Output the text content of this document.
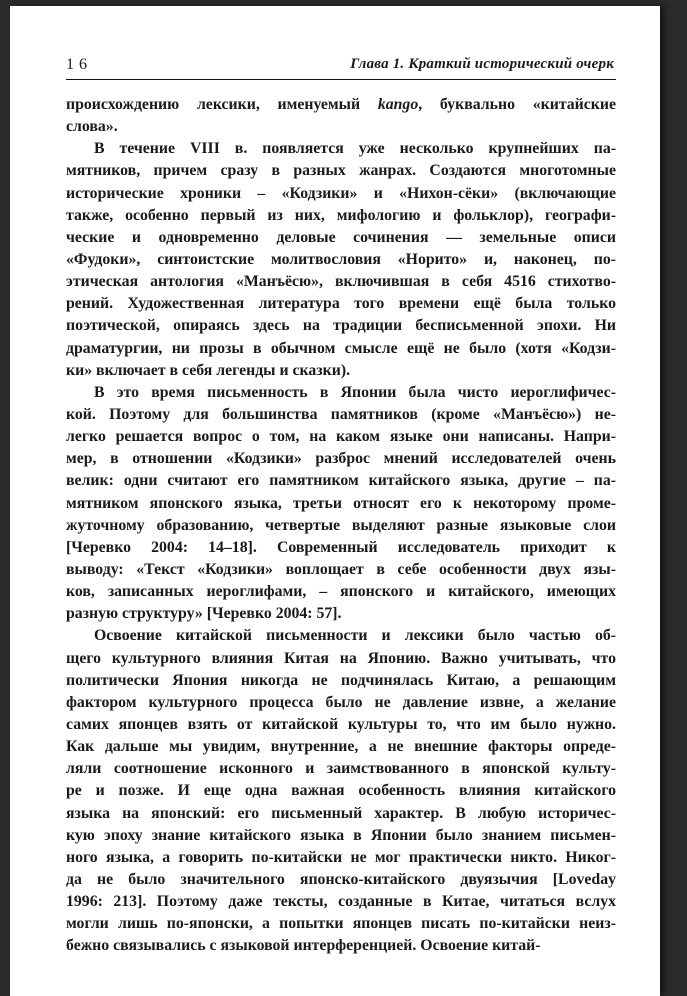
16	Глава 1. Краткий исторический очерк
происхождению лексики, именуемый kango, буквально «китайские
слова».
В течение VIII в. появляется уже несколько крупнейших па-
мятников, причем сразу в разных жанрах. Создаются многотомные
исторические хроники – «Кодзики» и «Нихон-сёки» (включающие
также, особенно первый из них, мифологию и фольклор), географи-
ческие и одновременно деловые сочинения — земельные описи
«Фудоки», синтоистские молитвословия «Норито» и, наконец, по-
этическая антология «Манъёсю», включившая в себя 4516 стихотво-
рений. Художественная литература того времени ещё была только
поэтической, опираясь здесь на традиции бесписьменной эпохи. Ни
драматургии, ни прозы в обычном смысле ещё не было (хотя «Кодзи-
ки» включает в себя легенды и сказки).
В это время письменность в Японии была чисто иероглифичес-
кой. Поэтому для большинства памятников (кроме «Манъёсю») не-
легко решается вопрос о том, на каком языке они написаны. Напри-
мер, в отношении «Кодзики» разброс мнений исследователей очень
велик: одни считают его памятником китайского языка, другие – па-
мятником японского языка, третьи относят его к некоторому проме-
жуточному образованию, четвертые выделяют разные языковые слои
[Черевко 2004: 14–18]. Современный исследователь приходит к
выводу: «Текст «Кодзики» воплощает в себе особенности двух язы-
ков, записанных иероглифами, – японского и китайского, имеющих
разную структуру» [Черевко 2004: 57].
Освоение китайской письменности и лексики было частью об-
щего культурного влияния Китая на Японию. Важно учитывать, что
политически Япония никогда не подчинялась Китаю, а решающим
фактором культурного процесса было не давление извне, а желание
самих японцев взять от китайской культуры то, что им было нужно.
Как дальше мы увидим, внутренние, а не внешние факторы опреде-
ляли соотношение исконного и заимствованного в японской культу-
ре и позже. И еще одна важная особенность влияния китайского
языка на японский: его письменный характер. В любую историчес-
кую эпоху знание китайского языка в Японии было знанием письмен-
ного языка, а говорить по-китайски не мог практически никто. Никог-
да не было значительного японско-китайского двуязычия [Loveday
1996: 213]. Поэтому даже тексты, созданные в Китае, читаться вслух
могли лишь по-японски, а попытки японцев писать по-китайски неиз-
бежно связывались с языковой интерференцией. Освоение китай-
